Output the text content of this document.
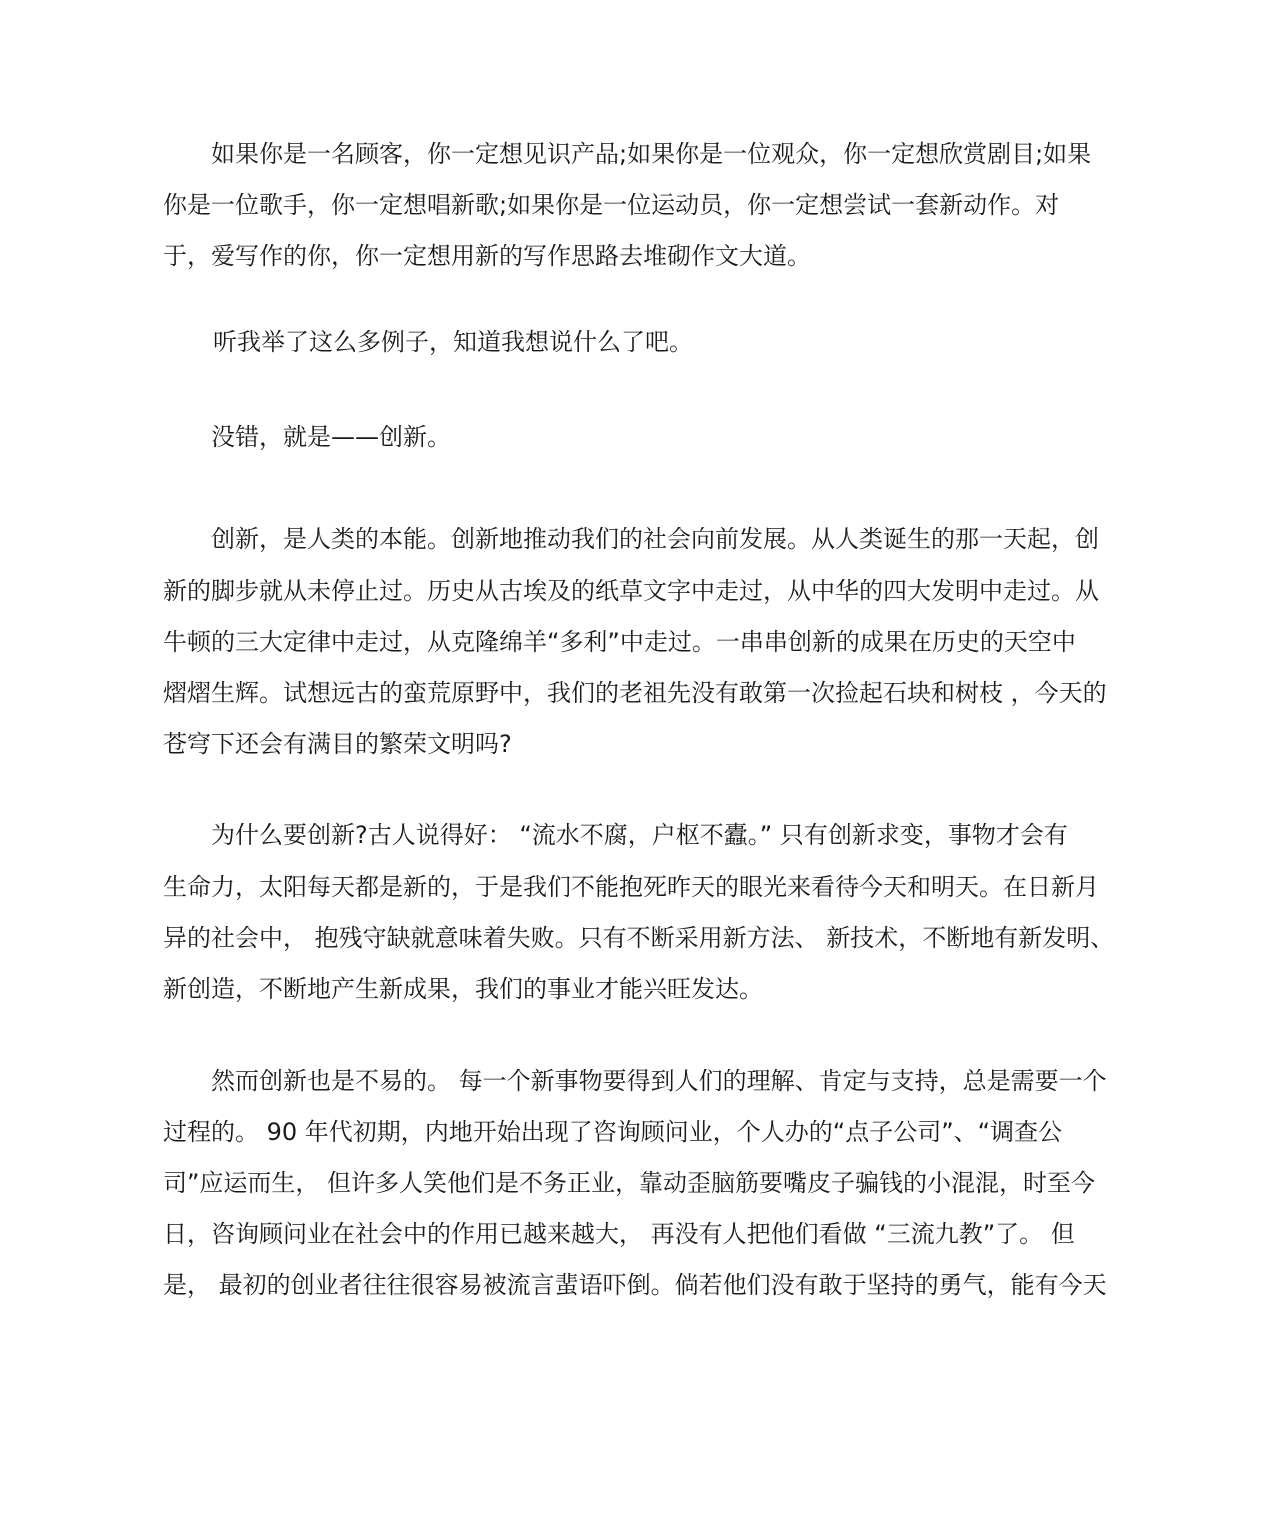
如果你是一名顾客，你一定想见识产品;如果你是一位观众，你一定想欣赏剧目;如果
你是一位歌手，你一定想唱新歌;如果你是一位运动员，你一定想尝试一套新动作。对
于，爱写作的你，你一定想用新的写作思路去堆砌作文大道。
听我举了这么多例子，知道我想说什么了吧。
没错，就是——创新。
创新，是人类的本能。创新地推动我们的社会向前发展。从人类诞生的那一天起，创
新的脚步就从未停止过。历史从古埃及的纸草文字中走过，从中华的四大发明中走过。从
牛顿的三大定律中走过，从克隆绵羊“多利”中走过。一串串创新的成果在历史的天空中
熠熠生辉。试想远古的蛮荒原野中，我们的老祖先没有敢第一次捡起石块和树枝 ，今天的
苍穹下还会有满目的繁荣文明吗?
为什么要创新?古人说得好： “流水不腐，户枢不蠹。” 只有创新求变，事物才会有
生命力，太阳每天都是新的，于是我们不能抱死昨天的眼光来看待今天和明天。在日新月
异的社会中， 抱残守缺就意味着失败。只有不断采用新方法、 新技术，不断地有新发明、
新创造，不断地产生新成果，我们的事业才能兴旺发达。
然而创新也是不易的。 每一个新事物要得到人们的理解、肯定与支持，总是需要一个
过程的。 90 年代初期，内地开始出现了咨询顾问业，个人办的“点子公司”、“调查公
司”应运而生， 但许多人笑他们是不务正业，靠动歪脑筋要嘴皮子骗钱的小混混，时至今
日，咨询顾问业在社会中的作用已越来越大， 再没有人把他们看做 “三流九教”了。 但
是， 最初的创业者往往很容易被流言蜚语吓倒。倘若他们没有敢于坚持的勇气，能有今天
